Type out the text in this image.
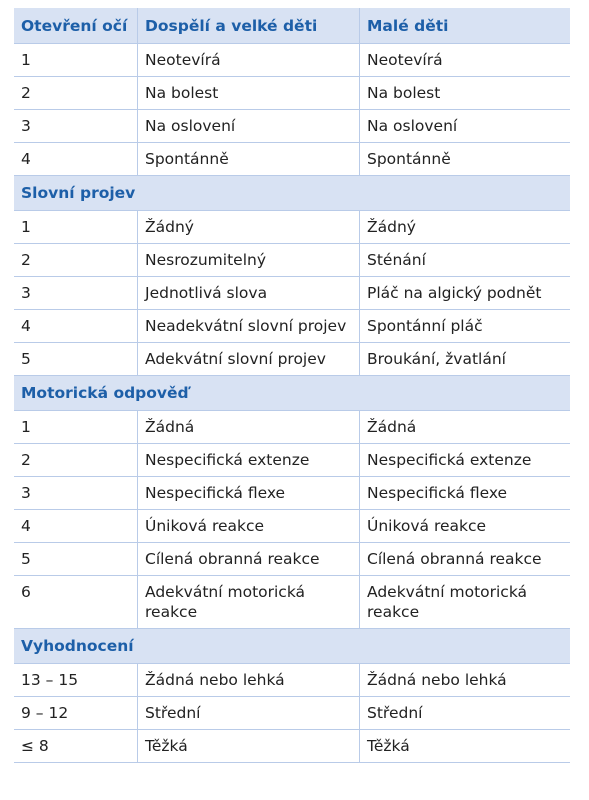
Otevření očí	Dospělí a velké děti	Malé děti
1	Neotevírá	Neotevírá
2	Na bolest	Na bolest
3	Na oslovení	Na oslovení
4	Spontánně	Spontánně
Slovní projev		
1	Žádný	Žádný
2	Nesrozumitelný	Sténání
3	Jednotlivá slova	Pláč na algický podnět
4	Neadekvátní slovní projev	Spontánní pláč
5	Adekvátní slovní projev	Broukání, žvatlání
Motorická odpověď		
1	Žádná	Žádná
2	Nespecifická extenze	Nespecifická extenze
3	Nespecifická flexe	Nespecifická flexe
4	Úniková reakce	Úniková reakce
5	Cílená obranná reakce	Cílená obranná reakce
6	Adekvátní motorická reakce	Adekvátní motorická reakce
Vyhodnocení		
13 – 15	Žádná nebo lehká	Žádná nebo lehká
9 – 12	Střední	Střední
≤ 8	Těžká	Těžká
